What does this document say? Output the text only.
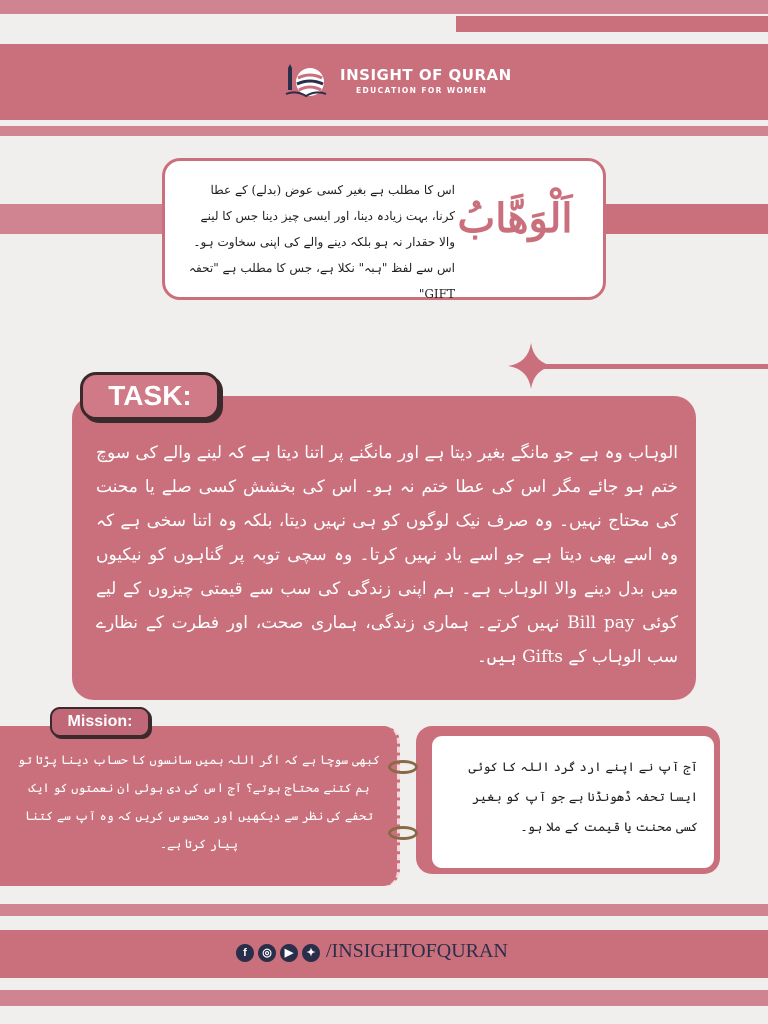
INSIGHT OF QURAN
EDUCATION FOR WOMEN
اس کا مطلب ہے بغیر کسی عوض (بدلے) کے عطا کرنا، بہت زیادہ دینا، اور ایسی چیز دینا جس کا لینے والا حقدار نہ ہو بلکہ دینے والے کی اپنی سخاوت ہو۔ اس سے لفظ "ہبہ" نکلا ہے، جس کا مطلب ہے "تحفہ GIFT"
اَلْوَهَّابُ
TASK:
الوہاب وہ ہے جو مانگے بغیر دیتا ہے اور مانگنے پر اتنا دیتا ہے کہ لینے والے کی سوچ ختم ہو جائے مگر اس کی عطا ختم نہ ہو۔ اس کی بخشش کسی صلے یا محنت کی محتاج نہیں۔ وہ صرف نیک لوگوں کو ہی نہیں دیتا، بلکہ وہ اتنا سخی ہے کہ وہ اسے بھی دیتا ہے جو اسے یاد نہیں کرتا۔ وہ سچی توبہ پر گناہوں کو نیکیوں میں بدل دینے والا الوہاب ہے۔ ہم اپنی زندگی کی سب سے قیمتی چیزوں کے لیے کوئی Bill pay نہیں کرتے۔ ہماری زندگی، ہماری صحت، اور فطرت کے نظارے سب الوہاب کے Gifts ہیں۔
Mission:
کبھی سوچا ہے کہ اگر اللہ ہمیں سانسوں کا حساب دینا پڑتا تو ہم کتنے محتاج ہوتے؟ آج اس کی دی ہوئی ان نعمتوں کو ایک تحفے کی نظر سے دیکھیں اور محسوس کریں کہ وہ آپ سے کتنا پیار کرتا ہے۔
آج آپ نے اپنے ارد گرد اللہ کا کوئی ایسا تحفہ ڈھونڈنا ہے جو آپ کو بغیر کسی محنت یا قیمت کے ملا ہو۔
f	◎	▶	✦ /INSIGHTOFQURAN
